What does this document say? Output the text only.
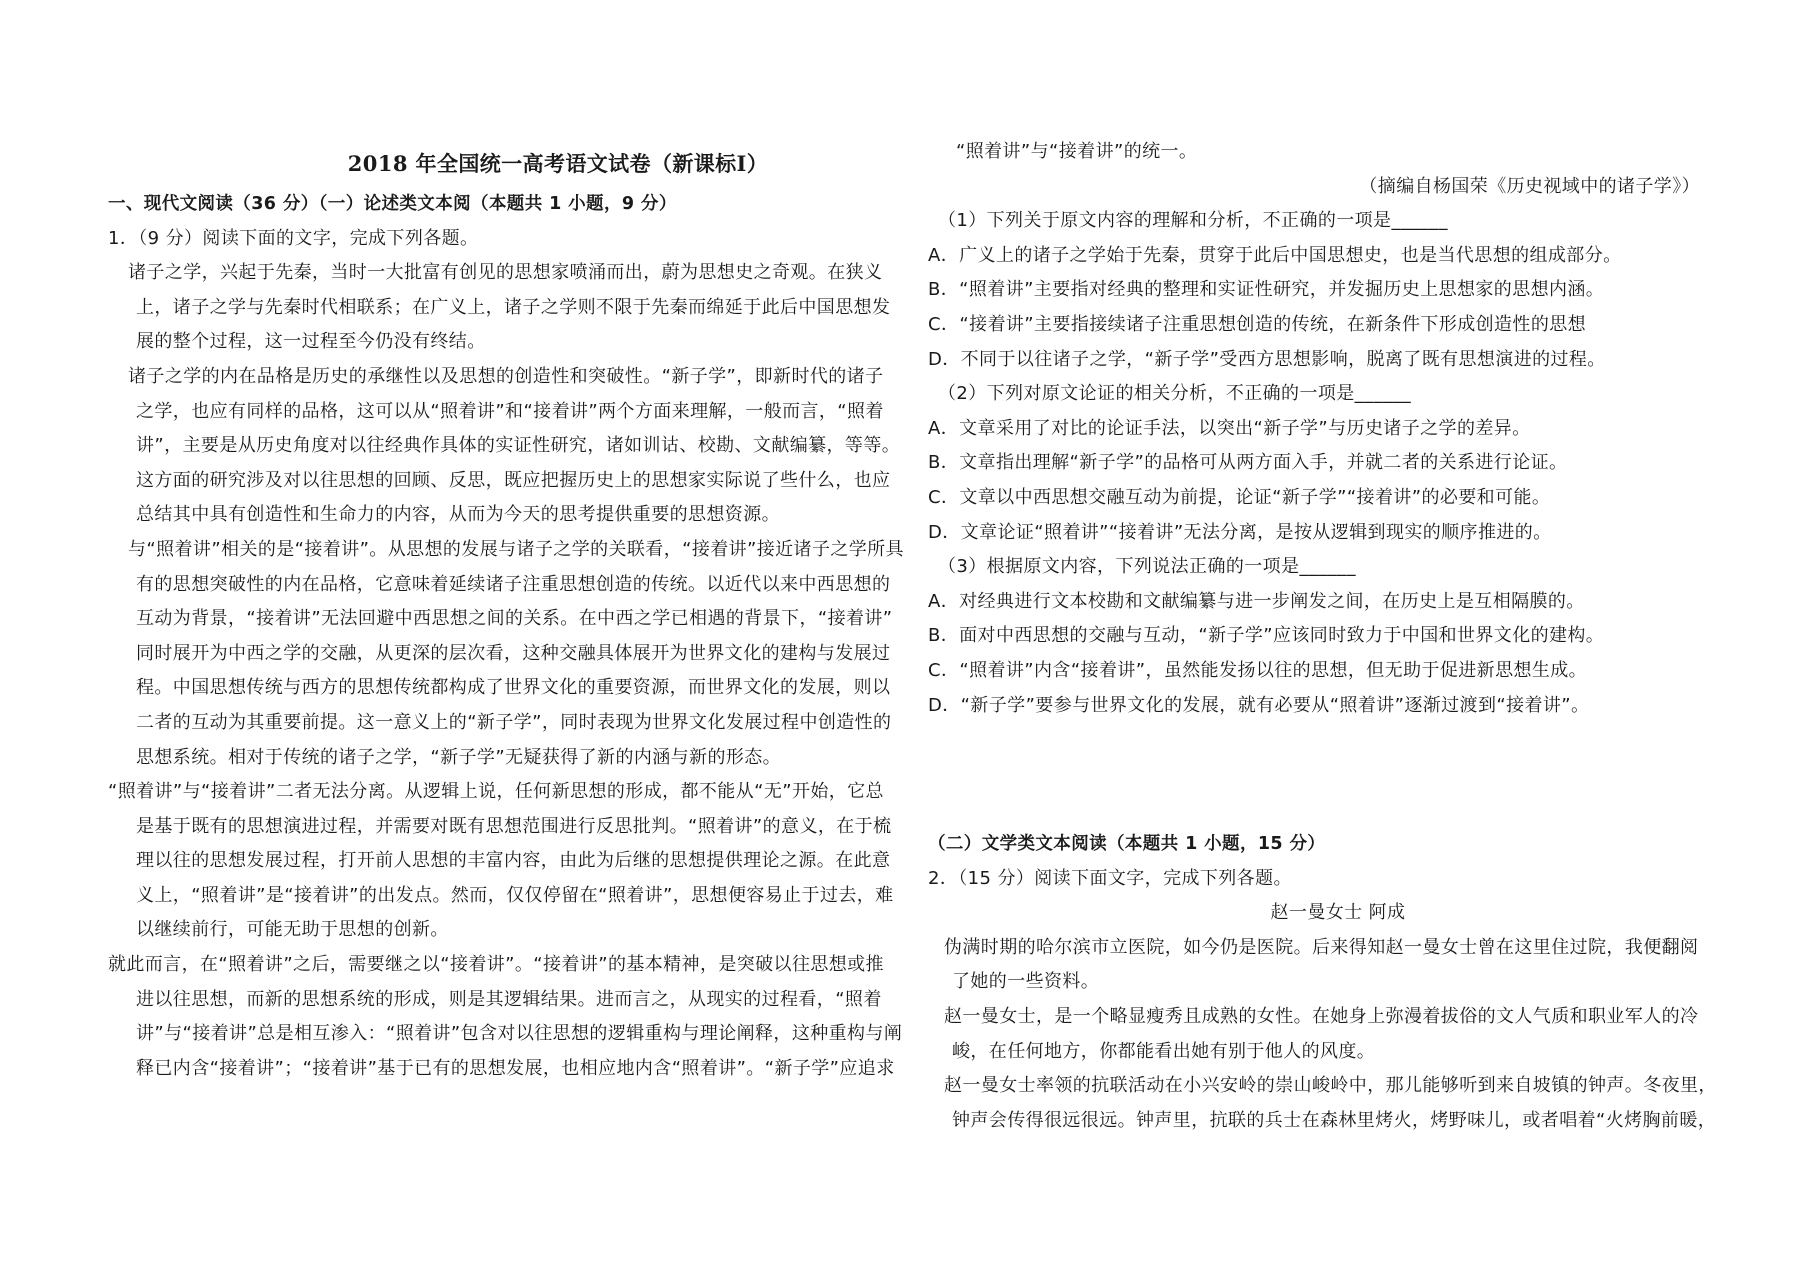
2018 年全国统一高考语文试卷（新课标I）

一、现代文阅读（36 分）（一）论述类文本阅（本题共 1 小题，9 分）

1．（9 分）阅读下面的文字，完成下列各题。

诸子之学，兴起于先秦，当时一大批富有创见的思想家喷涌而出，蔚为思想史之奇观。在狭义

上，诸子之学与先秦时代相联系；在广义上，诸子之学则不限于先秦而绵延于此后中国思想发

展的整个过程，这一过程至今仍没有终结。

诸子之学的内在品格是历史的承继性以及思想的创造性和突破性。“新子学”，即新时代的诸子

之学，也应有同样的品格，这可以从“照着讲”和“接着讲”两个方面来理解，一般而言，“照着

讲”，主要是从历史角度对以往经典作具体的实证性研究，诸如训诂、校勘、文献编纂，等等。

这方面的研究涉及对以往思想的回顾、反思，既应把握历史上的思想家实际说了些什么，也应

总结其中具有创造性和生命力的内容，从而为今天的思考提供重要的思想资源。

与“照着讲”相关的是“接着讲”。从思想的发展与诸子之学的关联看，“接着讲”接近诸子之学所具

有的思想突破性的内在品格，它意味着延续诸子注重思想创造的传统。以近代以来中西思想的

互动为背景，“接着讲”无法回避中西思想之间的关系。在中西之学已相遇的背景下，“接着讲”

同时展开为中西之学的交融，从更深的层次看，这种交融具体展开为世界文化的建构与发展过

程。中国思想传统与西方的思想传统都构成了世界文化的重要资源，而世界文化的发展，则以

二者的互动为其重要前提。这一意义上的“新子学”，同时表现为世界文化发展过程中创造性的

思想系统。相对于传统的诸子之学，“新子学”无疑获得了新的内涵与新的形态。

“照着讲”与“接着讲”二者无法分离。从逻辑上说，任何新思想的形成，都不能从“无”开始，它总

是基于既有的思想演进过程，并需要对既有思想范围进行反思批判。“照着讲”的意义，在于梳

理以往的思想发展过程，打开前人思想的丰富内容，由此为后继的思想提供理论之源。在此意

义上，“照着讲”是“接着讲”的出发点。然而，仅仅停留在“照着讲”，思想便容易止于过去，难

以继续前行，可能无助于思想的创新。

就此而言，在“照着讲”之后，需要继之以“接着讲”。“接着讲”的基本精神，是突破以往思想或推

进以往思想，而新的思想系统的形成，则是其逻辑结果。进而言之，从现实的过程看，“照着

讲”与“接着讲”总是相互渗入：“照着讲”包含对以往思想的逻辑重构与理论阐释，这种重构与阐

释已内含“接着讲”；“接着讲”基于已有的思想发展，也相应地内含“照着讲”。“新子学”应追求

“照着讲”与“接着讲”的统一。

（摘编自杨国荣《历史视域中的诸子学》）

（1）下列关于原文内容的理解和分析，不正确的一项是______

A．广义上的诸子之学始于先秦，贯穿于此后中国思想史，也是当代思想的组成部分。

B．“照着讲”主要指对经典的整理和实证性研究，并发掘历史上思想家的思想内涵。

C．“接着讲”主要指接续诸子注重思想创造的传统，在新条件下形成创造性的思想

D．不同于以往诸子之学，“新子学”受西方思想影响，脱离了既有思想演进的过程。

（2）下列对原文论证的相关分析，不正确的一项是______

A．文章采用了对比的论证手法，以突出“新子学”与历史诸子之学的差异。

B．文章指出理解“新子学”的品格可从两方面入手，并就二者的关系进行论证。

C．文章以中西思想交融互动为前提，论证“新子学”“接着讲”的必要和可能。

D．文章论证“照着讲”“接着讲”无法分离，是按从逻辑到现实的顺序推进的。

（3）根据原文内容，下列说法正确的一项是______

A．对经典进行文本校勘和文献编纂与进一步阐发之间，在历史上是互相隔膜的。

B．面对中西思想的交融与互动，“新子学”应该同时致力于中国和世界文化的建构。

C．“照着讲”内含“接着讲”，虽然能发扬以往的思想，但无助于促进新思想生成。

D．“新子学”要参与世界文化的发展，就有必要从“照着讲”逐渐过渡到“接着讲”。

（二）文学类文本阅读（本题共 1 小题，15 分）

2．（15 分）阅读下面文字，完成下列各题。

赵一曼女士 阿成

伪满时期的哈尔滨市立医院，如今仍是医院。后来得知赵一曼女士曾在这里住过院，我便翻阅

了她的一些资料。

赵一曼女士，是一个略显瘦秀且成熟的女性。在她身上弥漫着拔俗的文人气质和职业军人的冷

峻，在任何地方，你都能看出她有别于他人的风度。

赵一曼女士率领的抗联活动在小兴安岭的崇山峻岭中，那儿能够听到来自坡镇的钟声。冬夜里，

钟声会传得很远很远。钟声里，抗联的兵士在森林里烤火，烤野味儿，或者唱着“火烤胸前暖，
